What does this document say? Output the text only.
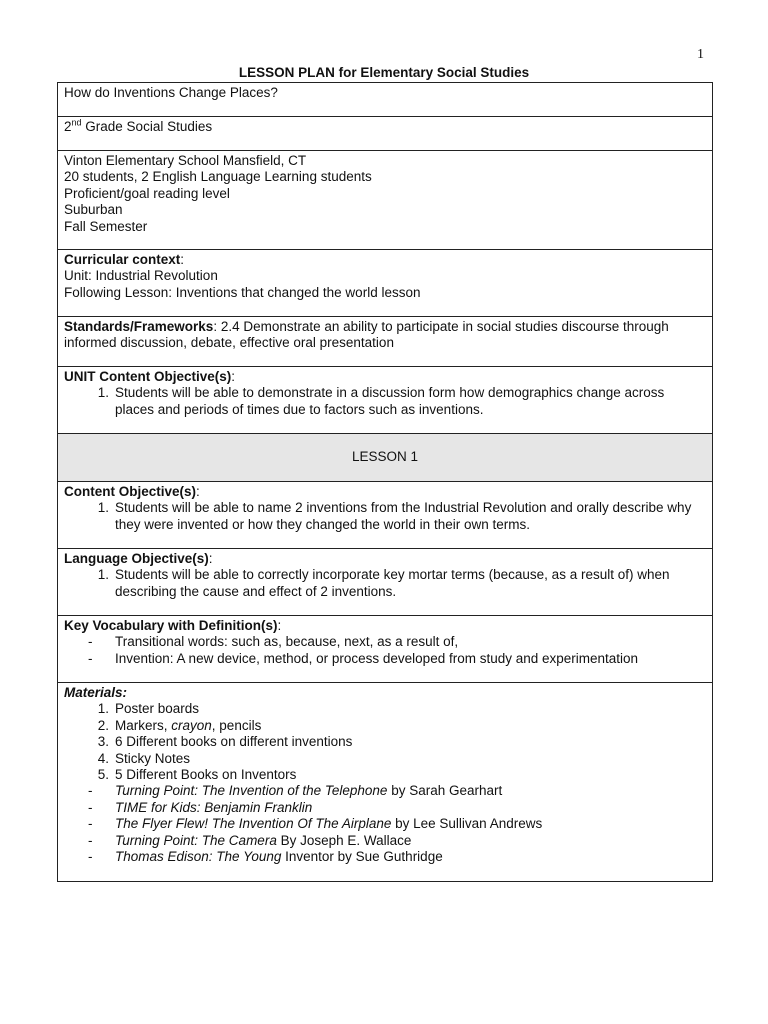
1
LESSON PLAN for Elementary Social Studies
How do Inventions Change Places?
2nd Grade Social Studies

Vinton Elementary School Mansfield, CT
20 students, 2 English Language Learning students
Proficient/goal reading level
Suburban
Fall Semester

Curricular context:
Unit: Industrial Revolution
Following Lesson: Inventions that changed the world lesson

Standards/Frameworks: 2.4 Demonstrate an ability to participate in social studies discourse through informed discussion, debate, effective oral presentation

UNIT Content Objective(s):
1. Students will be able to demonstrate in a discussion form how demographics change across places and periods of times due to factors such as inventions.

LESSON 1

Content Objective(s):
1. Students will be able to name 2 inventions from the Industrial Revolution and orally describe why they were invented or how they changed the world in their own terms.

Language Objective(s):
1. Students will be able to correctly incorporate key mortar terms (because, as a result of) when describing the cause and effect of 2 inventions.

Key Vocabulary with Definition(s):
-	Transitional words: such as, because, next, as a result of,
-	Invention: A new device, method, or process developed from study and experimentation

Materials:
1. Poster boards
2. Markers, crayon, pencils
3. 6 Different books on different inventions
4. Sticky Notes
5. 5 Different Books on Inventors
-	Turning Point: The Invention of the Telephone by Sarah Gearhart
-	TIME for Kids: Benjamin Franklin
-	The Flyer Flew! The Invention Of The Airplane by Lee Sullivan Andrews
-	Turning Point: The Camera By Joseph E. Wallace
-	Thomas Edison: The Young Inventor by Sue Guthridge
